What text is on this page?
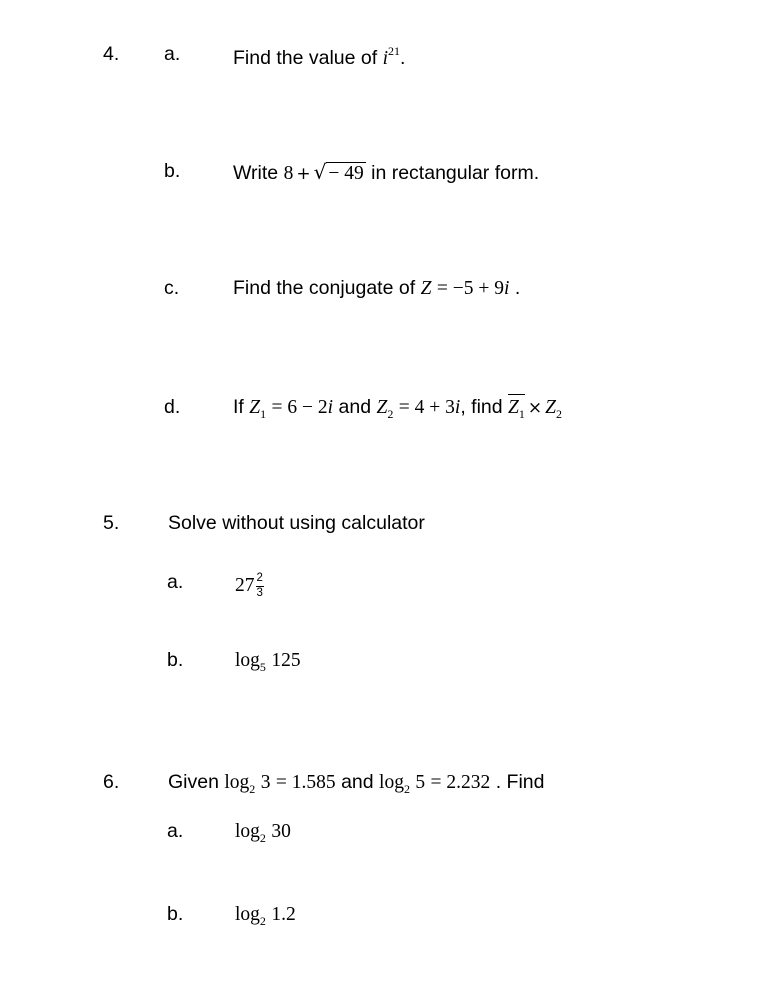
4. a.	Find the value of $i^{21}$.
b.	Write 8 + √ − 49 in rectangular form.
c.	Find the conjugate of Z = −5 + 9i .
d.	If $Z_1 = 6 - 2i$ and $Z_2 = 4 + 3i$, find $Z_1 \times Z_2$
5. Solve without using calculator
a.	$27 \frac{2}{3}$
b.	$\log_5 125$
6. Given $\log_2 3 = 1.585$ and $\log_2 5 = 2.232$ . Find
a.	$\log_2 30$
b.	$\log_2 1.2$
